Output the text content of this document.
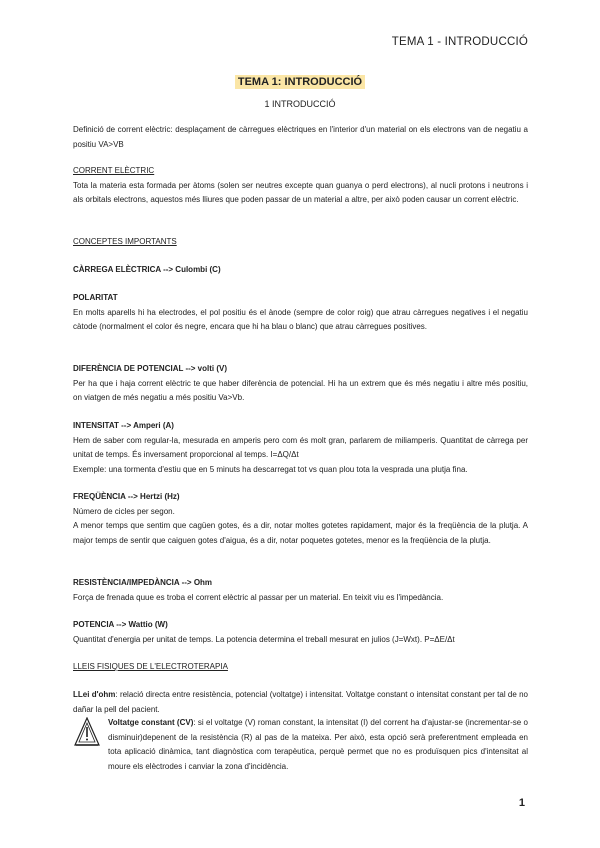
TEMA 1 - INTRODUCCIÓ
TEMA 1: INTRODUCCIÓ
1 INTRODUCCIÓ

Definició de corrent elèctric: desplaçament de càrregues elèctriques en l'interior d'un material on els electrons van de negatiu a positiu VA>VB

CORRENT ELÈCTRIC

Tota la materia esta formada per àtoms (solen ser neutres excepte quan guanya o perd electrons), al nucli protons i neutrons i als orbitals electrons, aquestos més lliures que poden passar de un material a altre, per això poden causar un corrent elèctric.

CONCEPTES IMPORTANTS

CÀRREGA ELÈCTRICA --> Culombi (C)

POLARITAT

En molts aparells hi ha electrodes, el pol positiu és el ànode (sempre de color roig) que atrau càrregues negatives i el negatiu càtode (normalment el color és negre, encara que hi ha blau o blanc) que atrau càrregues positives.

DIFERÈNCIA DE POTENCIAL --> volti (V)

Per ha que i haja corrent elèctric te que haber diferència de potencial. Hi ha un extrem que és més negatiu i altre més positiu, on viatgen de més negatiu a més positiu Va>Vb.

INTENSITAT --> Amperi (A)

Hem de saber com regular-la, mesurada en amperis pero com és molt gran, parlarem de miliamperis. Quantitat de càrrega per unitat de temps. És inversament proporcional al temps. I=ΔQ/Δt

Exemple: una tormenta d'estiu que en 5 minuts ha descarregat tot vs quan plou tota la vesprada una plutja fina.

FREQÜÈNCIA --> Hertzi (Hz)

Número de cicles per segon.

A menor temps que sentim que cagüen gotes, és a dir, notar moltes gotetes rapidament, major és la freqüència de la plutja. A major temps de sentir que caiguen gotes d'aigua, és a dir, notar poquetes gotetes, menor es la freqüència de la plutja.

RESISTÈNCIA/IMPEDÀNCIA --> Ohm

Força de frenada quue es troba el corrent elèctric al passar per un material. En teixit viu es l'impedància.

POTENCIA --> Wattio (W)

Quantitat d'energia per unitat de temps. La potencia determina el treball mesurat en julios (J=Wxt). P=ΔE/Δt

LLEIS FISIQUES DE L'ELECTROTERAPIA

LLei d'ohm: relació directa entre resistència, potencial (voltatge) i intensitat. Voltatge constant o intensitat constant per tal de no dañar la pell del pacient.

Voltatge constant (CV): si el voltatge (V) roman constant, la intensitat (I) del corrent ha d'ajustar-se (incrementar-se o disminuir)depenent de la resistència (R) al pas de la mateixa. Per això, esta opció serà preferentment empleada en tota aplicació dinàmica, tant diagnòstica com terapèutica, perquè permet que no es produïsquen pics d'intensitat al moure els elèctrodes i canviar la zona d'incidència.

1
